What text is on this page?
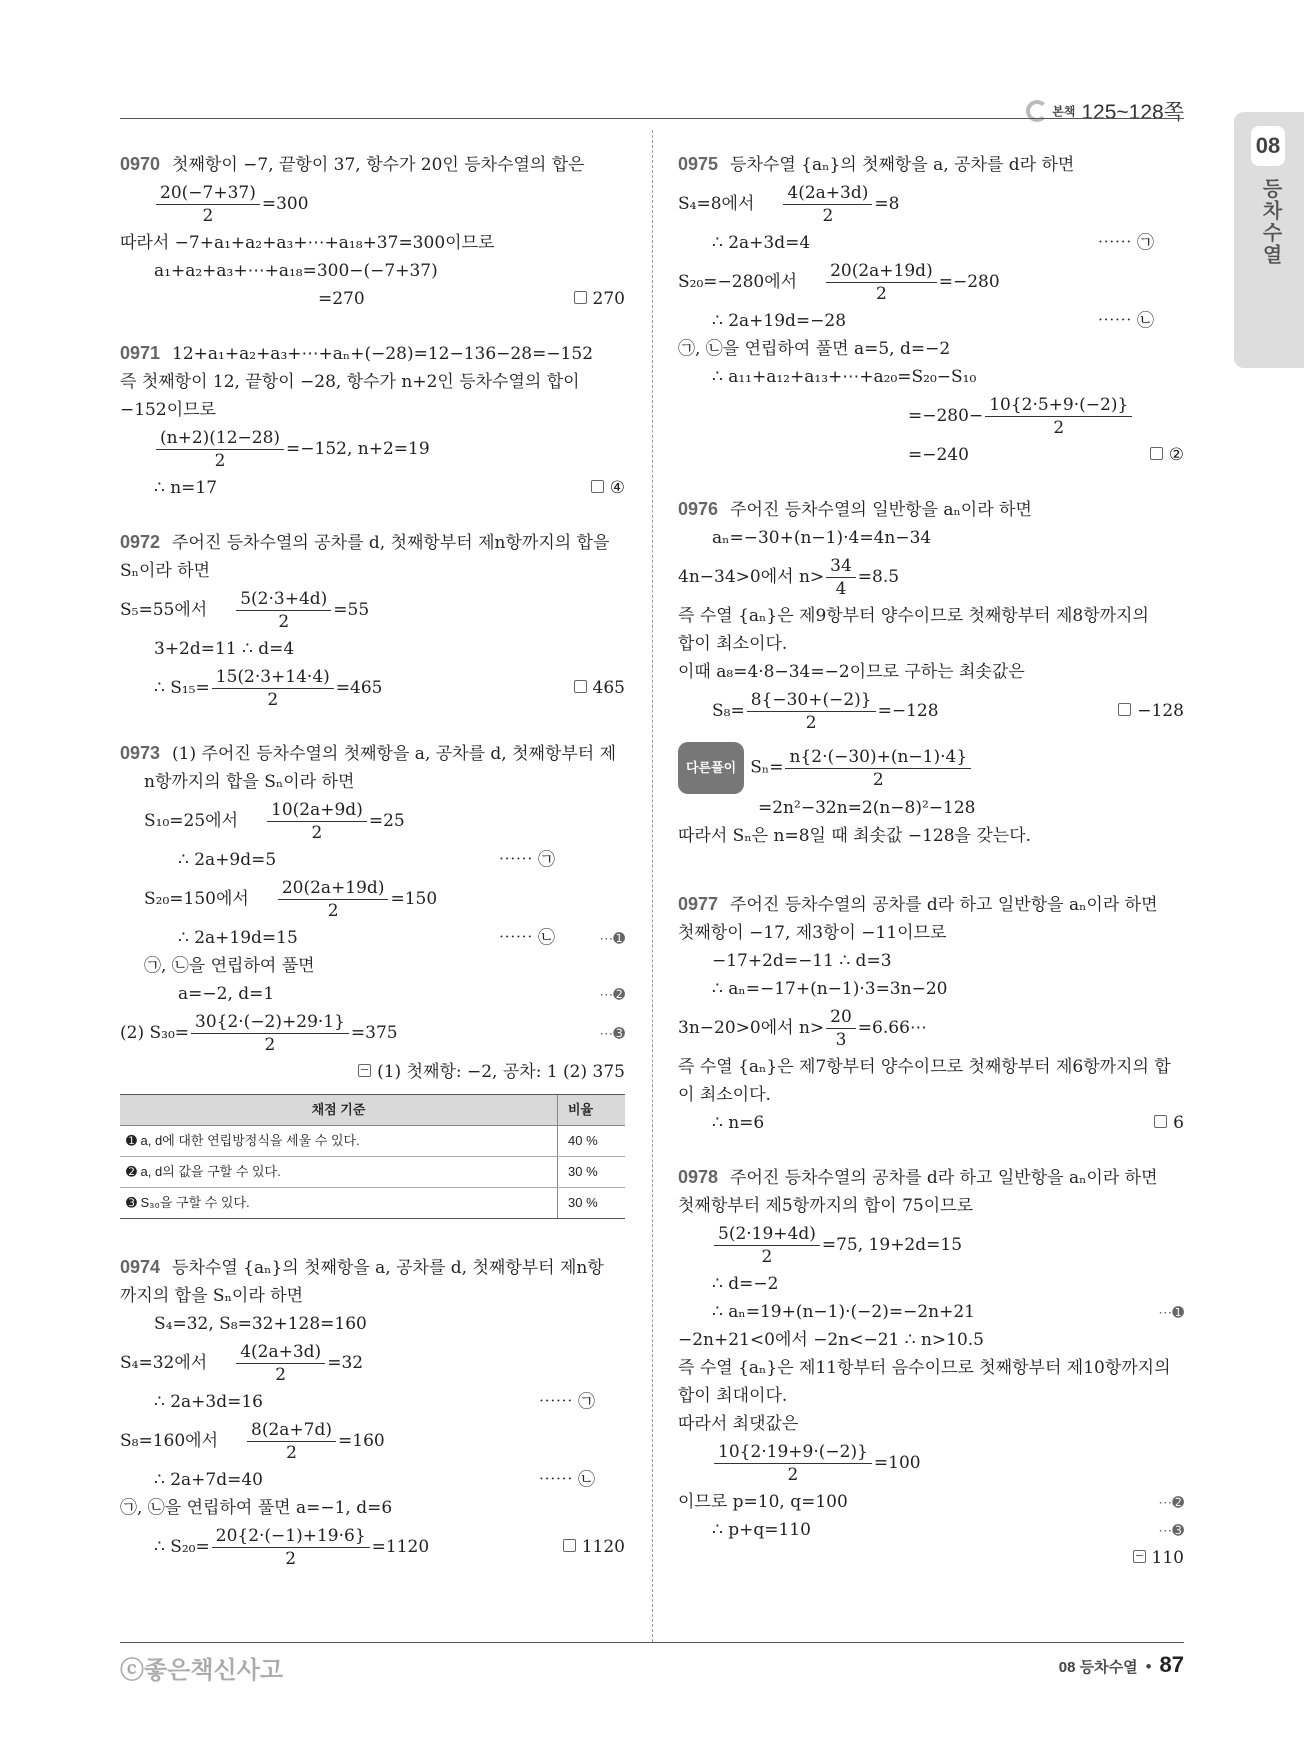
본책 125~128쪽
08
등차수열
0970 첫째항이 −7, 끝항이 37, 항수가 20인 등차수열의 합은
$\frac{20(-7+37)}{2} =300$
따라서 −7+a₁+a₂+a₃+⋯+a₁₈+37=300이므로
a₁+a₂+a₃+⋯+a₁₈=300−(−7+37)
=270	270
0971 12+a₁+a₂+a₃+⋯+aₙ+(−28)=12−136−28=−152
즉 첫째항이 12, 끝항이 −28, 항수가 n+2인 등차수열의 합이
−152이므로
$\frac{(n+2)(12-28)}{2} =-152$, n+2=19
∴ n=17	④
0972 주어진 등차수열의 공차를 d, 첫째항부터 제n항까지의 합을
Sₙ이라 하면
S₅=55에서 $\frac{5(2\cdot 3+4d)}{2} =55$
3+2d=11 ∴ d=4
∴ $S_{15}= \frac{15(2\cdot 3+14\cdot 4)}{2} =465$	465
0973 (1) 주어진 등차수열의 첫째항을 a, 공차를 d, 첫째항부터 제
n항까지의 합을 Sₙ이라 하면
S₁₀=25에서 $\frac{10(2a+9d)}{2} =25$
∴ 2a+9d=5	⋯⋯ ㉠
S₂₀=150에서 $\frac{20(2a+19d)}{2} =150$
∴ 2a+19d=15	⋯⋯ ㉡	⋯➊
㉠, ㉡을 연립하여 풀면
a=−2, d=1	⋯➋
(2) $S_{30}= \frac{30\{2\cdot(-2)+29\cdot 1\}}{2} =375$	⋯➌
(1) 첫째항: −2, 공차: 1 (2) 375
채점 기준	비율
➊ a, d에 대한 연립방정식을 세울 수 있다.	40 %
➋ a, d의 값을 구할 수 있다.	30 %
➌ S₃₀을 구할 수 있다.	30 %
0974 등차수열 {aₙ}의 첫째항을 a, 공차를 d, 첫째항부터 제n항
까지의 합을 Sₙ이라 하면
S₄=32, S₈=32+128=160
S₄=32에서 $\frac{4(2a+3d)}{2} =32$
∴ 2a+3d=16	⋯⋯ ㉠
S₈=160에서 $\frac{8(2a+7d)}{2} =160$
∴ 2a+7d=40	⋯⋯ ㉡
㉠, ㉡을 연립하여 풀면 a=−1, d=6
∴ $S_{20}= \frac{20\{2\cdot(-1)+19\cdot 6\}}{2} =1120$	1120
0975 등차수열 {aₙ}의 첫째항을 a, 공차를 d라 하면
S₄=8에서 $\frac{4(2a+3d)}{2} =8$
∴ 2a+3d=4	⋯⋯ ㉠
S₂₀=−280에서 $\frac{20(2a+19d)}{2} =-280$
∴ 2a+19d=−28	⋯⋯ ㉡
㉠, ㉡을 연립하여 풀면 a=5, d=−2
∴ a₁₁+a₁₂+a₁₃+⋯+a₂₀=S₂₀−S₁₀
$=-280- \frac{10\{2\cdot 5+9\cdot(-2)\}}{2}$
=−240	②
0976 주어진 등차수열의 일반항을 aₙ이라 하면
aₙ=−30+(n−1)·4=4n−34
4n−34>0에서 $n> \frac{34}{4} =8.5$
즉 수열 {aₙ}은 제9항부터 양수이므로 첫째항부터 제8항까지의
합이 최소이다.
이때 a₈=4·8−34=−2이므로 구하는 최솟값은
$S_8= \frac{8\{-30+(-2)\}}{2} =-128$	−128
다른풀이 $S_n= \frac{n\{2\cdot(-30)+(n-1)\cdot 4\}}{2}$
=2n²−32n=2(n−8)²−128
따라서 Sₙ은 n=8일 때 최솟값 −128을 갖는다.
0977 주어진 등차수열의 공차를 d라 하고 일반항을 aₙ이라 하면
첫째항이 −17, 제3항이 −11이므로
−17+2d=−11 ∴ d=3
∴ aₙ=−17+(n−1)·3=3n−20
3n−20>0에서 $n> \frac{20}{3}$ =6.66⋯
즉 수열 {aₙ}은 제7항부터 양수이므로 첫째항부터 제6항까지의 합
이 최소이다.
∴ n=6	6
0978 주어진 등차수열의 공차를 d라 하고 일반항을 aₙ이라 하면
첫째항부터 제5항까지의 합이 75이므로
$\frac{5(2\cdot 19+4d)}{2} =75$, 19+2d=15
∴ d=−2
∴ aₙ=19+(n−1)·(−2)=−2n+21	⋯➊
−2n+21<0에서 −2n<−21 ∴ n>10.5
즉 수열 {aₙ}은 제11항부터 음수이므로 첫째항부터 제10항까지의
합이 최대이다.
따라서 최댓값은
$\frac{10\{2\cdot 19+9\cdot(-2)\}}{2} =100$
이므로 p=10, q=100	⋯➋
∴ p+q=110	⋯➌
110
ⓒ좋은책신사고	08 등차수열 • 87
